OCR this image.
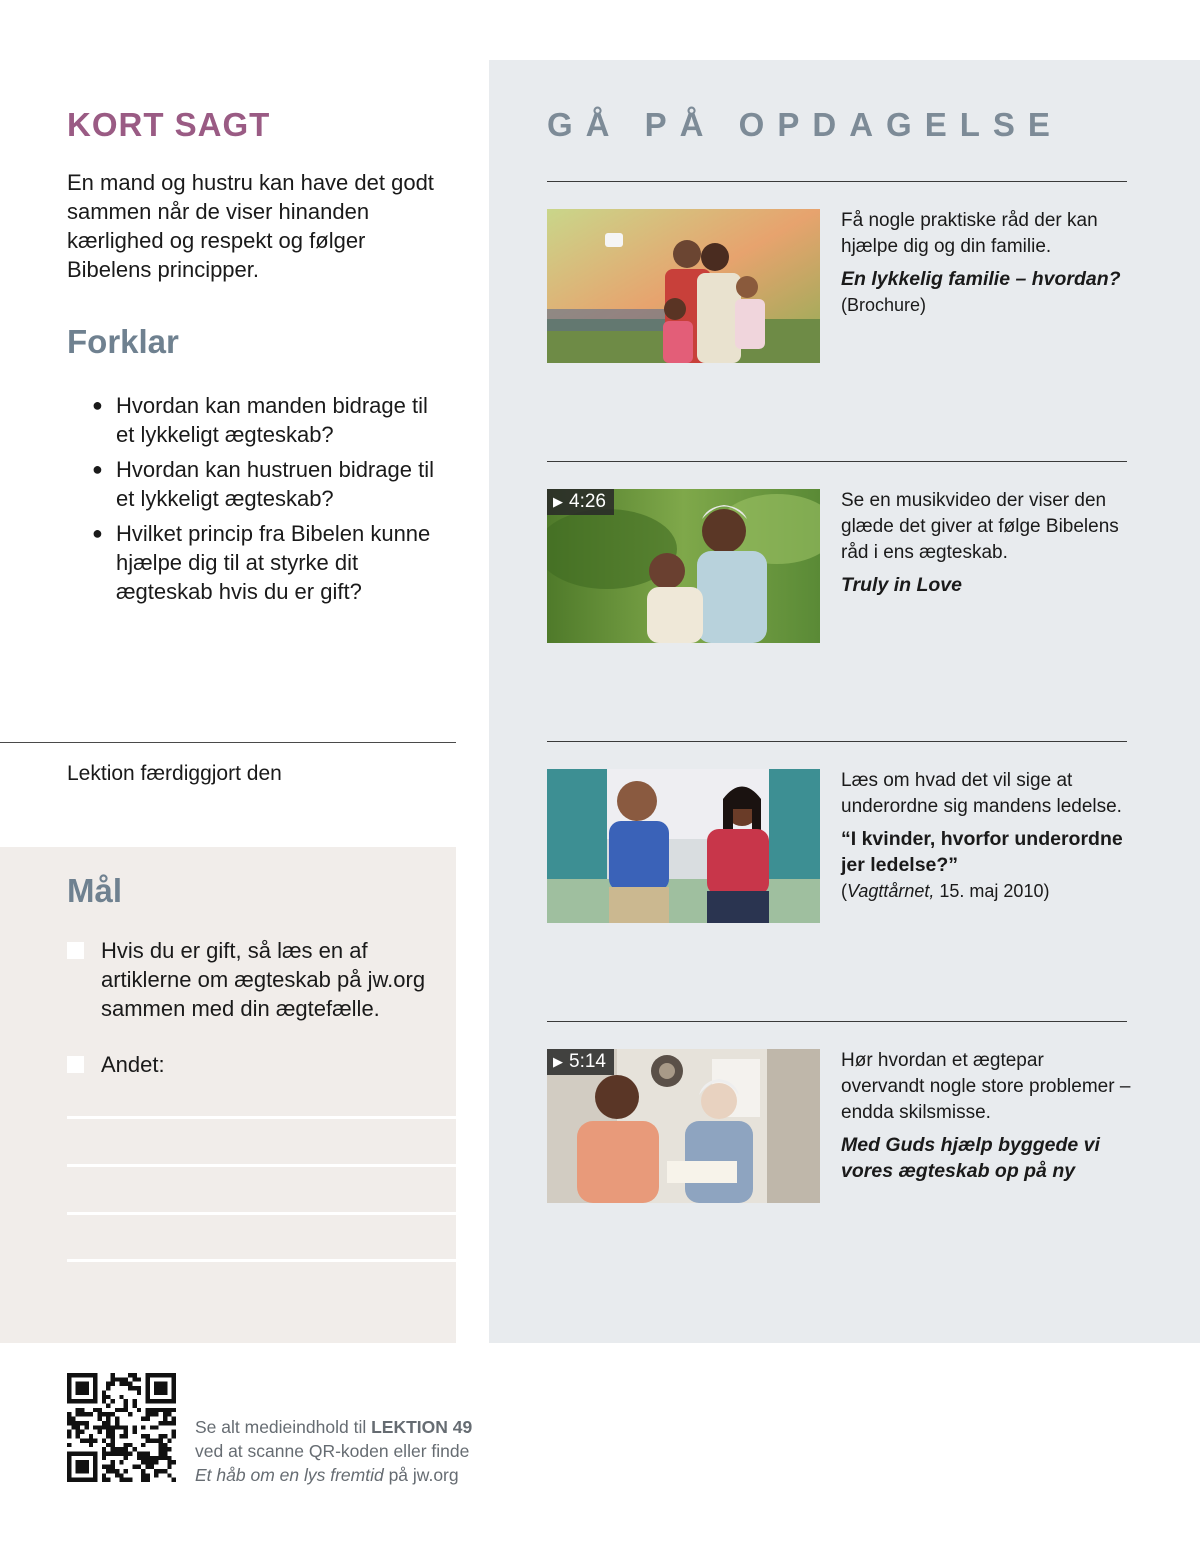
KORT SAGT

En mand og hustru kan have det godt sammen når de viser hinanden kærlighed og respekt og følger Bibelens principper.

Forklar
● Hvordan kan manden bidrage til et lykkeligt ægteskab?
● Hvordan kan hustruen bidrage til et lykkeligt ægteskab?
● Hvilket princip fra Bibelen kunne hjælpe dig til at styrke dit ægteskab hvis du er gift?
Lektion færdiggjort den
Mål
Hvis du er gift, så læs en af artiklerne om ægteskab på jw.org sammen med din ægtefælle.
Andet:
GÅ PÅ OPDAGELSE
Få nogle praktiske råd der kan hjælpe dig og din familie.
En lykkelig familie – hvordan?
(Brochure)
▶ 4:26	Se en musikvideo der viser den glæde det giver at følge Bibelens råd i ens ægteskab.
Truly in Love
Læs om hvad det vil sige at underordne sig mandens ledelse.
“I kvinder, hvorfor underordne jer ledelse?”
(Vagttårnet, 15. maj 2010)
▶ 5:14	Hør hvordan et ægtepar overvandt nogle store problemer – endda skilsmisse.
Med Guds hjælp byggede vi vores ægteskab op på ny
Se alt medieindhold til LEKTION 49
ved at scanne QR-koden eller finde
Et håb om en lys fremtid på jw.org
